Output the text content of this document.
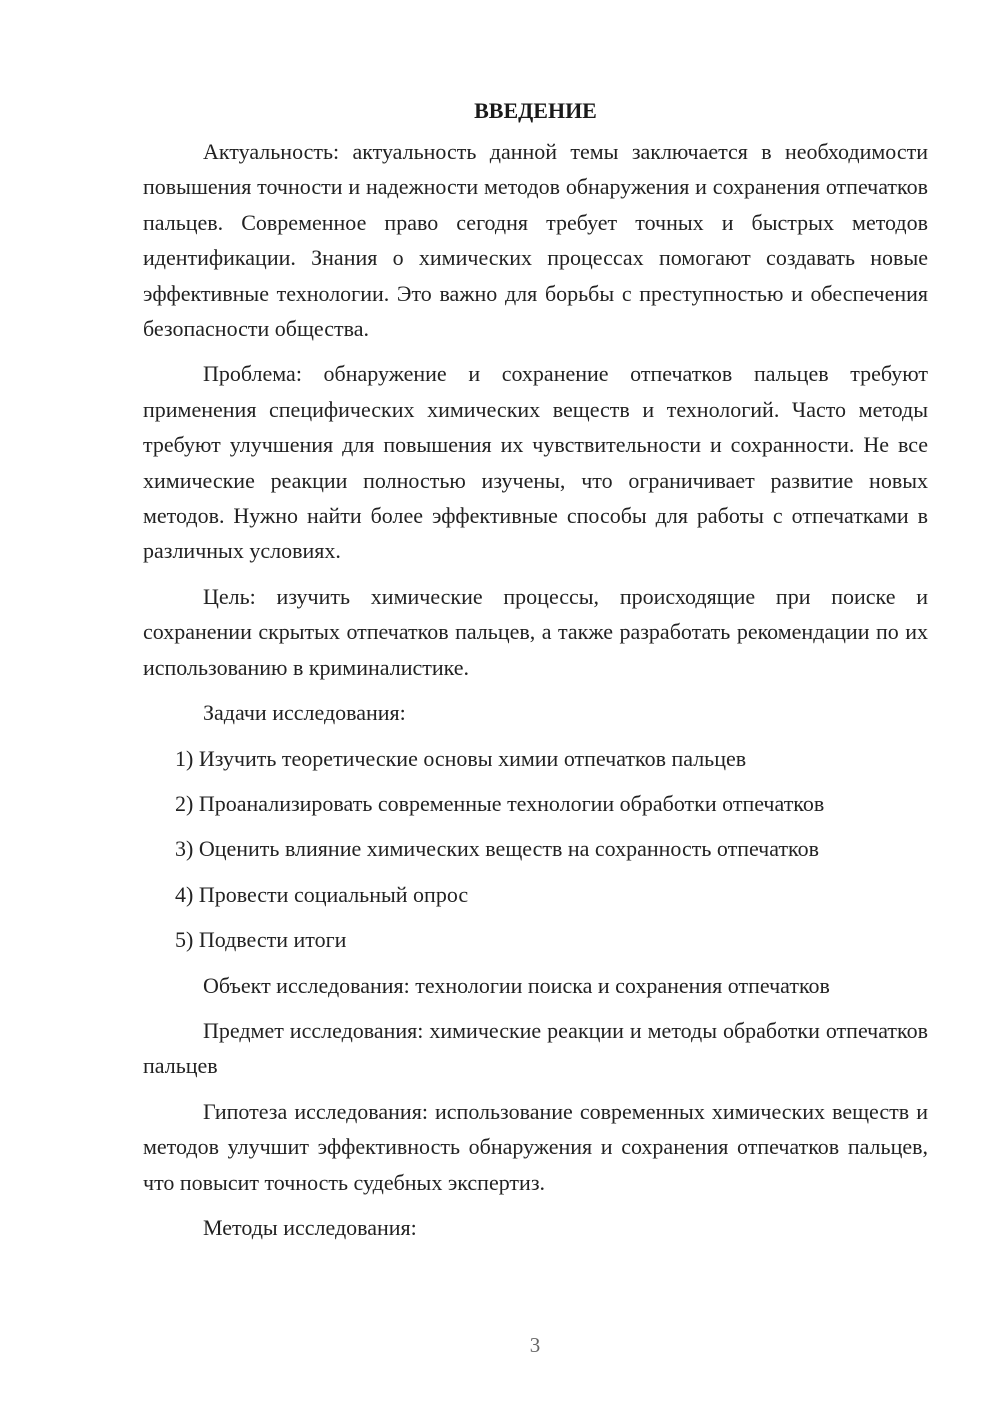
ВВЕДЕНИЕ

Актуальность: актуальность данной темы заключается в необходимости повышения точности и надежности методов обнаружения и сохранения отпечатков пальцев. Современное право сегодня требует точных и быстрых методов идентификации. Знания о химических процессах помогают создавать новые эффективные технологии. Это важно для борьбы с преступностью и обеспечения безопасности общества.

Проблема: обнаружение и сохранение отпечатков пальцев требуют применения специфических химических веществ и технологий. Часто методы требуют улучшения для повышения их чувствительности и сохранности. Не все химические реакции полностью изучены, что ограничивает развитие новых методов. Нужно найти более эффективные способы для работы с отпечатками в различных условиях.

Цель: изучить химические процессы, происходящие при поиске и сохранении скрытых отпечатков пальцев, а также разработать рекомендации по их использованию в криминалистике.

Задачи исследования:

1) Изучить теоретические основы химии отпечатков пальцев
2) Проанализировать современные технологии обработки отпечатков
3) Оценить влияние химических веществ на сохранность отпечатков
4) Провести социальный опрос
5) Подвести итоги

Объект исследования: технологии поиска и сохранения отпечатков

Предмет исследования: химические реакции и методы обработки отпечатков пальцев

Гипотеза исследования: использование современных химических веществ и методов улучшит эффективность обнаружения и сохранения отпечатков пальцев, что повысит точность судебных экспертиз.

Методы исследования:

3
